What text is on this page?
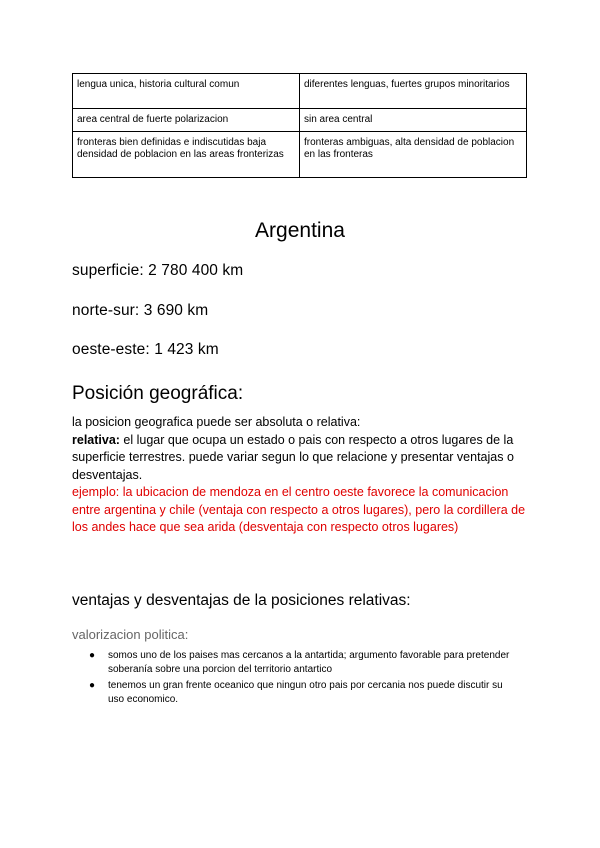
lengua unica, historia cultural comun	diferentes lenguas, fuertes grupos minoritarios
area central de fuerte polarizacion	sin area central
fronteras bien definidas e indiscutidas baja densidad de poblacion en las areas fronterizas	fronteras ambiguas, alta densidad de poblacion en las fronteras
Argentina
superficie: 2 780 400 km
norte-sur: 3 690 km
oeste-este: 1 423 km
Posición geográfica:

la posicion geografica puede ser absoluta o relativa:

relativa: el lugar que ocupa un estado o pais con respecto a otros lugares de la superficie terrestres. puede variar segun lo que relacione y presentar ventajas o desventajas.

ejemplo: la ubicacion de mendoza en el centro oeste favorece la comunicacion entre argentina y chile (ventaja con respecto a otros lugares), pero la cordillera de los andes hace que sea arida (desventaja con respecto otros lugares)

ventajas y desventajas de la posiciones relativas:
valorizacion politica:
● somos uno de los paises mas cercanos a la antartida; argumento favorable para pretender soberanía sobre una porcion del territorio antartico
● tenemos un gran frente oceanico que ningun otro pais por cercania nos puede discutir su uso economico.
